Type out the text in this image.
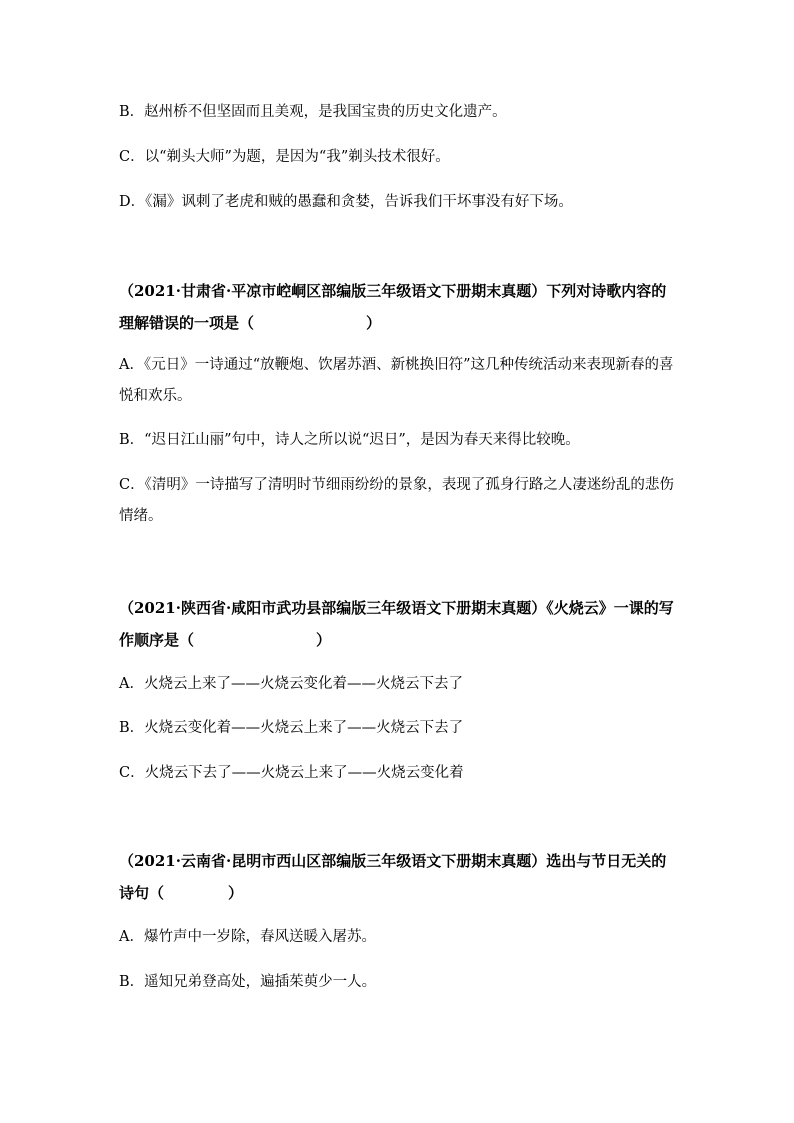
B．赵州桥不但坚固而且美观，是我国宝贵的历史文化遗产。
C．以“剃头大师”为题，是因为“我”剃头技术很好。
D．《漏》讽刺了老虎和贼的愚蠢和贪婪，告诉我们干坏事没有好下场。
（2021·甘肃省·平凉市崆峒区部编版三年级语文下册期末真题）下列对诗歌内容的理解错误的一项是（	）
A．《元日》一诗通过“放鞭炮、饮屠苏酒、新桃换旧符”这几种传统活动来表现新春的喜悦和欢乐。
B．“迟日江山丽”句中，诗人之所以说“迟日”，是因为春天来得比较晚。
C．《清明》一诗描写了清明时节细雨纷纷的景象，表现了孤身行路之人凄迷纷乱的悲伤情绪。
（2021·陕西省·咸阳市武功县部编版三年级语文下册期末真题）《火烧云》一课的写作顺序是（	）
A．火烧云上来了——火烧云变化着——火烧云下去了
B．火烧云变化着——火烧云上来了——火烧云下去了
C．火烧云下去了——火烧云上来了——火烧云变化着
（2021·云南省·昆明市西山区部编版三年级语文下册期末真题）选出与节日无关的诗句（	）
A．爆竹声中一岁除，春风送暖入屠苏。
B．遥知兄弟登高处，遍插茱萸少一人。
